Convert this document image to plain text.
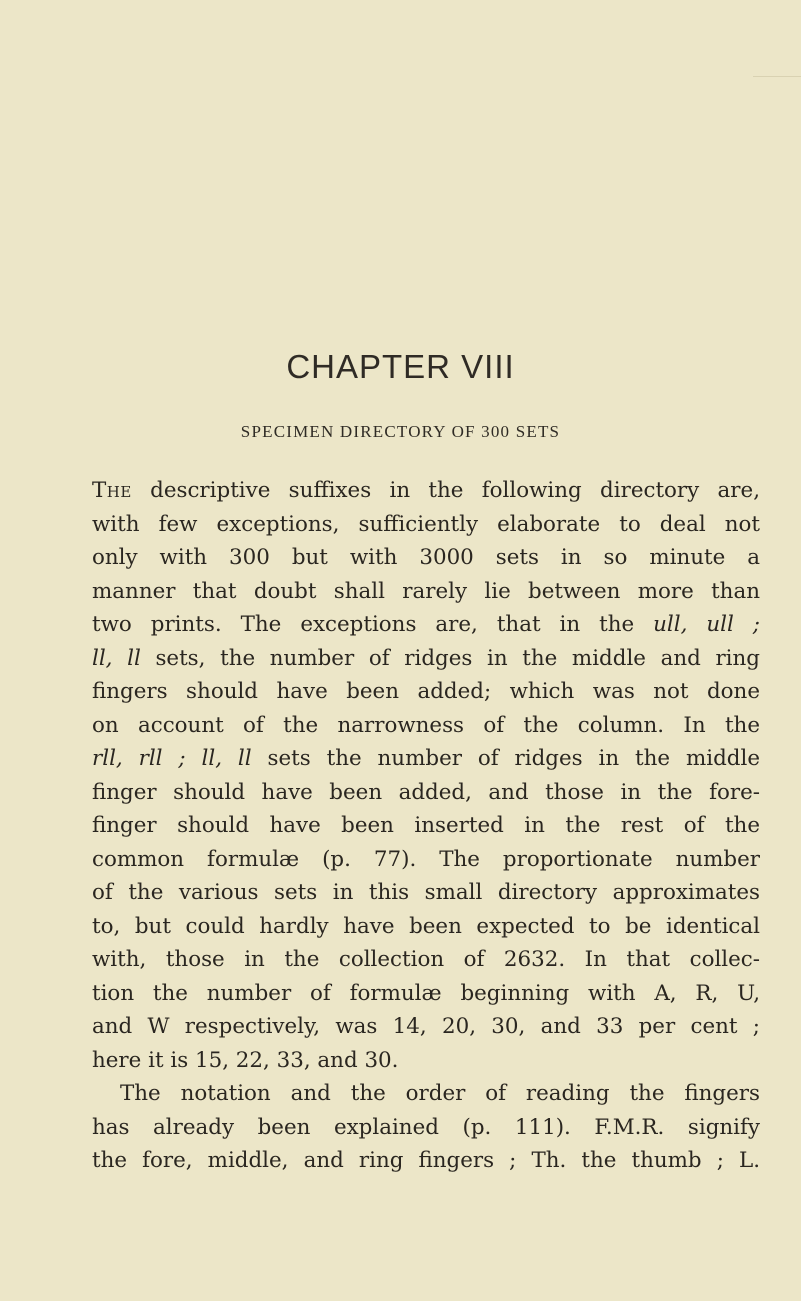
CHAPTER VIII
SPECIMEN DIRECTORY OF 300 SETS
The descriptive suffixes in the following directory are,
with few exceptions, sufficiently elaborate to deal not
only with 300 but with 3000 sets in so minute a
manner that doubt shall rarely lie between more than
two prints. The exceptions are, that in the ull, ull ;
ll, ll sets, the number of ridges in the middle and ring
fingers should have been added; which was not done
on account of the narrowness of the column. In the
rll, rll ; ll, ll sets the number of ridges in the middle
finger should have been added, and those in the fore-
finger should have been inserted in the rest of the
common formulæ (p. 77). The proportionate number
of the various sets in this small directory approximates
to, but could hardly have been expected to be identical
with, those in the collection of 2632. In that collec-
tion the number of formulæ beginning with A, R, U,
and W respectively, was 14, 20, 30, and 33 per cent ;
here it is 15, 22, 33, and 30.
The notation and the order of reading the fingers
has already been explained (p. 111). F.M.R. signify
the fore, middle, and ring fingers ; Th. the thumb ; L.
